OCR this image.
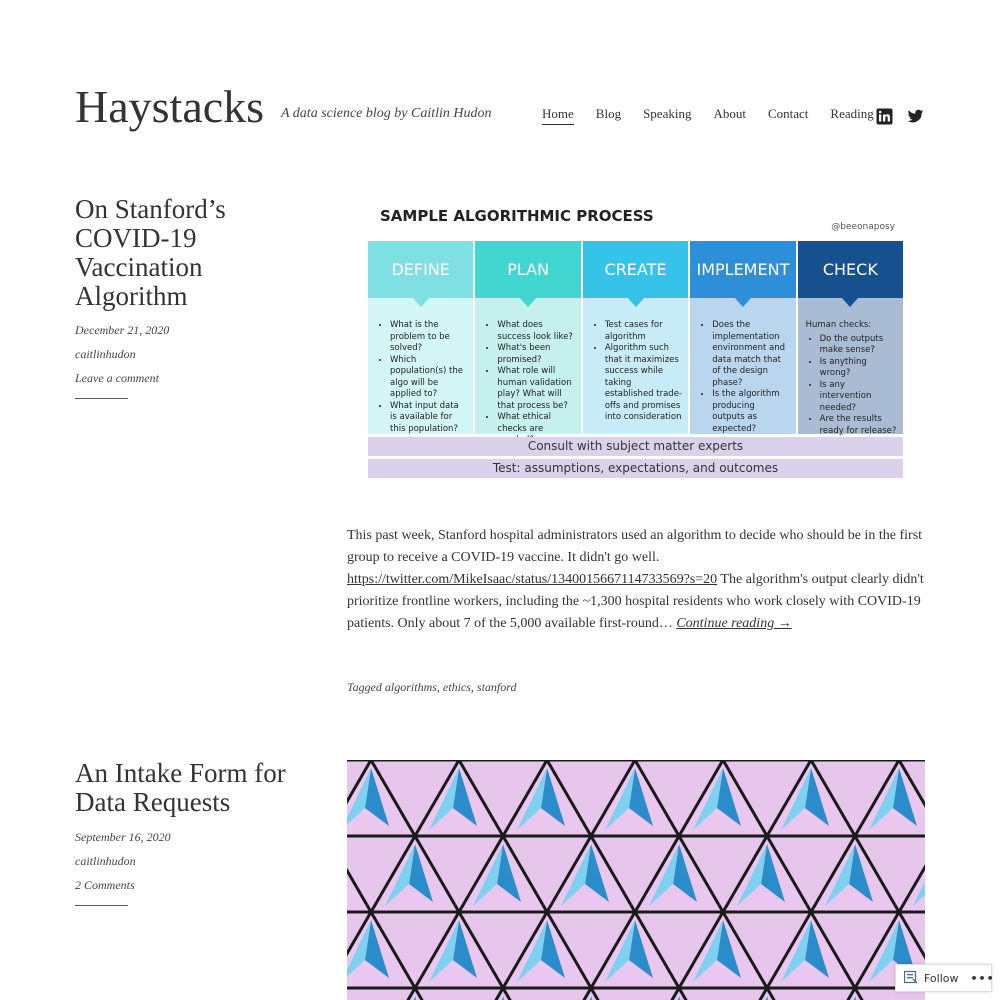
Haystacks A data science blog by Caitlin Hudon	Home Blog Speaking About Contact Reading
On Stanford’s COVID-19 Vaccination Algorithm
December 21, 2020
caitlinhudon
Leave a comment
SAMPLE ALGORITHMIC PROCESS
@beeonaposy
DEFINE
• What is the problem to be solved?
• Which population(s) the algo will be applied to?
• What input data is available for this population?
PLAN
• What does success look like?
• What's been promised?
• What role will human validation play? What will that process be?
• What ethical checks are
CREATE
• Test cases for algorithm
• Algorithm such that it maximizes success while taking established trade-offs and promises into consideration
IMPLEMENT
• Does the implementation environment and data match that of the design phase?
• Is the algorithm producing outputs as expected?
CHECK
Human checks:
• Do the outputs make sense?
• Is anything wrong?
• Is any intervention needed?
• Are the results ready for release?
Consult with subject matter experts
Test: assumptions, expectations, and outcomes
This past week, Stanford hospital administrators used an algorithm to decide who should be in the first group to receive a COVID-19 vaccine. It didn't go well. https://twitter.com/MikeIsaac/status/1340015667114733569?s=20 The algorithm's output clearly didn't prioritize frontline workers, including the ~1,300 hospital residents who work closely with COVID-19 patients. Only about 7 of the 5,000 available first-round… Continue reading →
Tagged algorithms, ethics, stanford
An Intake Form for Data Requests
September 16, 2020
caitlinhudon
2 Comments
Follow •••
